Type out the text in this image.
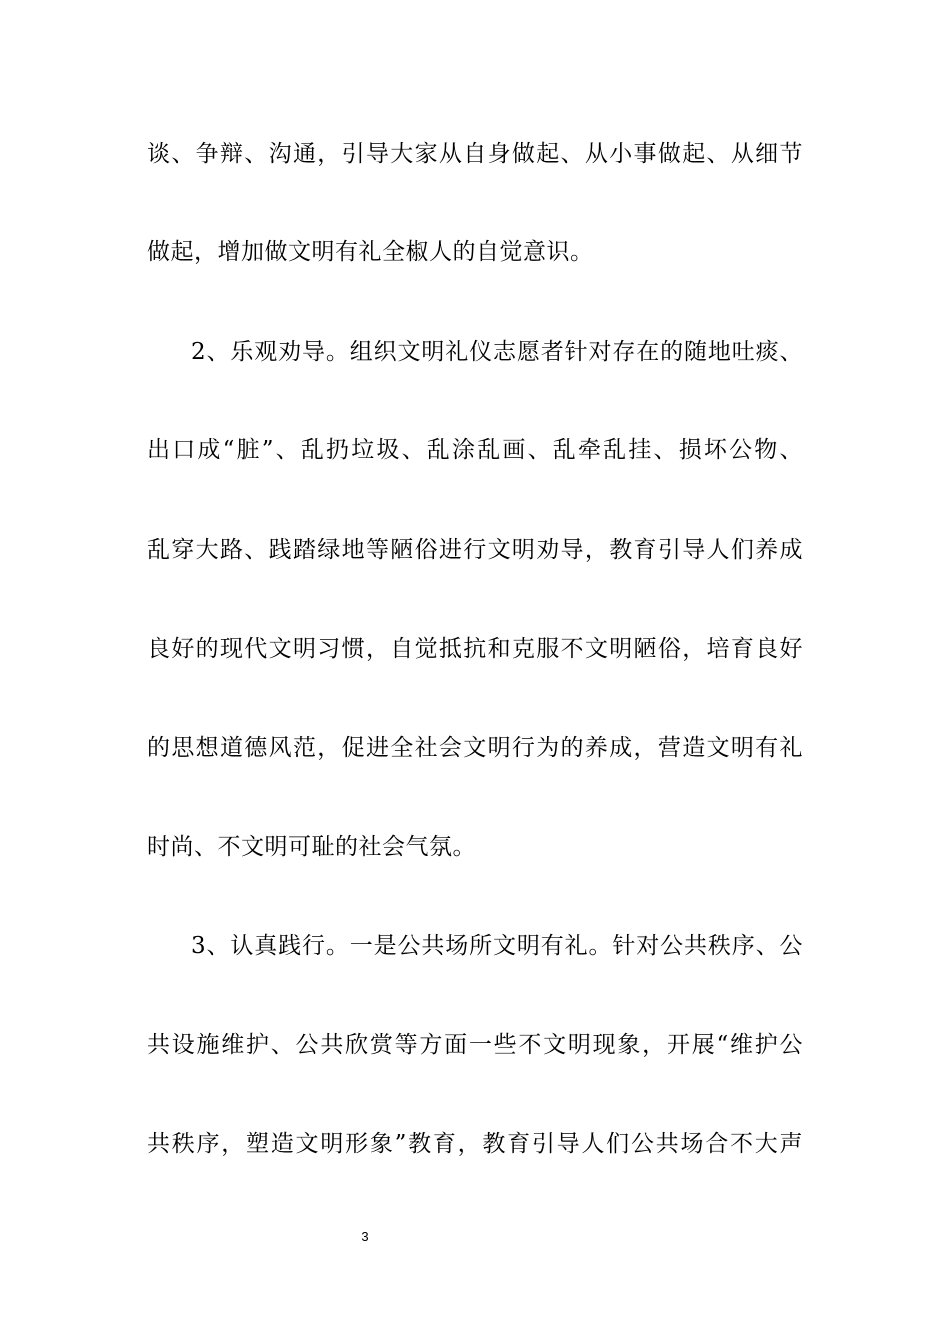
谈、争辩、沟通，引导大家从自身做起、从小事做起、从细节
做起，增加做文明有礼全椒人的自觉意识。
2、乐观劝导。组织文明礼仪志愿者针对存在的随地吐痰、
出口成“脏”、乱扔垃圾、乱涂乱画、乱牵乱挂、损坏公物、
乱穿大路、践踏绿地等陋俗进行文明劝导，教育引导人们养成
良好的现代文明习惯，自觉抵抗和克服不文明陋俗，培育良好
的思想道德风范，促进全社会文明行为的养成，营造文明有礼
时尚、不文明可耻的社会气氛。
3、认真践行。一是公共场所文明有礼。针对公共秩序、公
共设施维护、公共欣赏等方面一些不文明现象，开展“维护公
共秩序，塑造文明形象”教育，教育引导人们公共场合不大声
3
